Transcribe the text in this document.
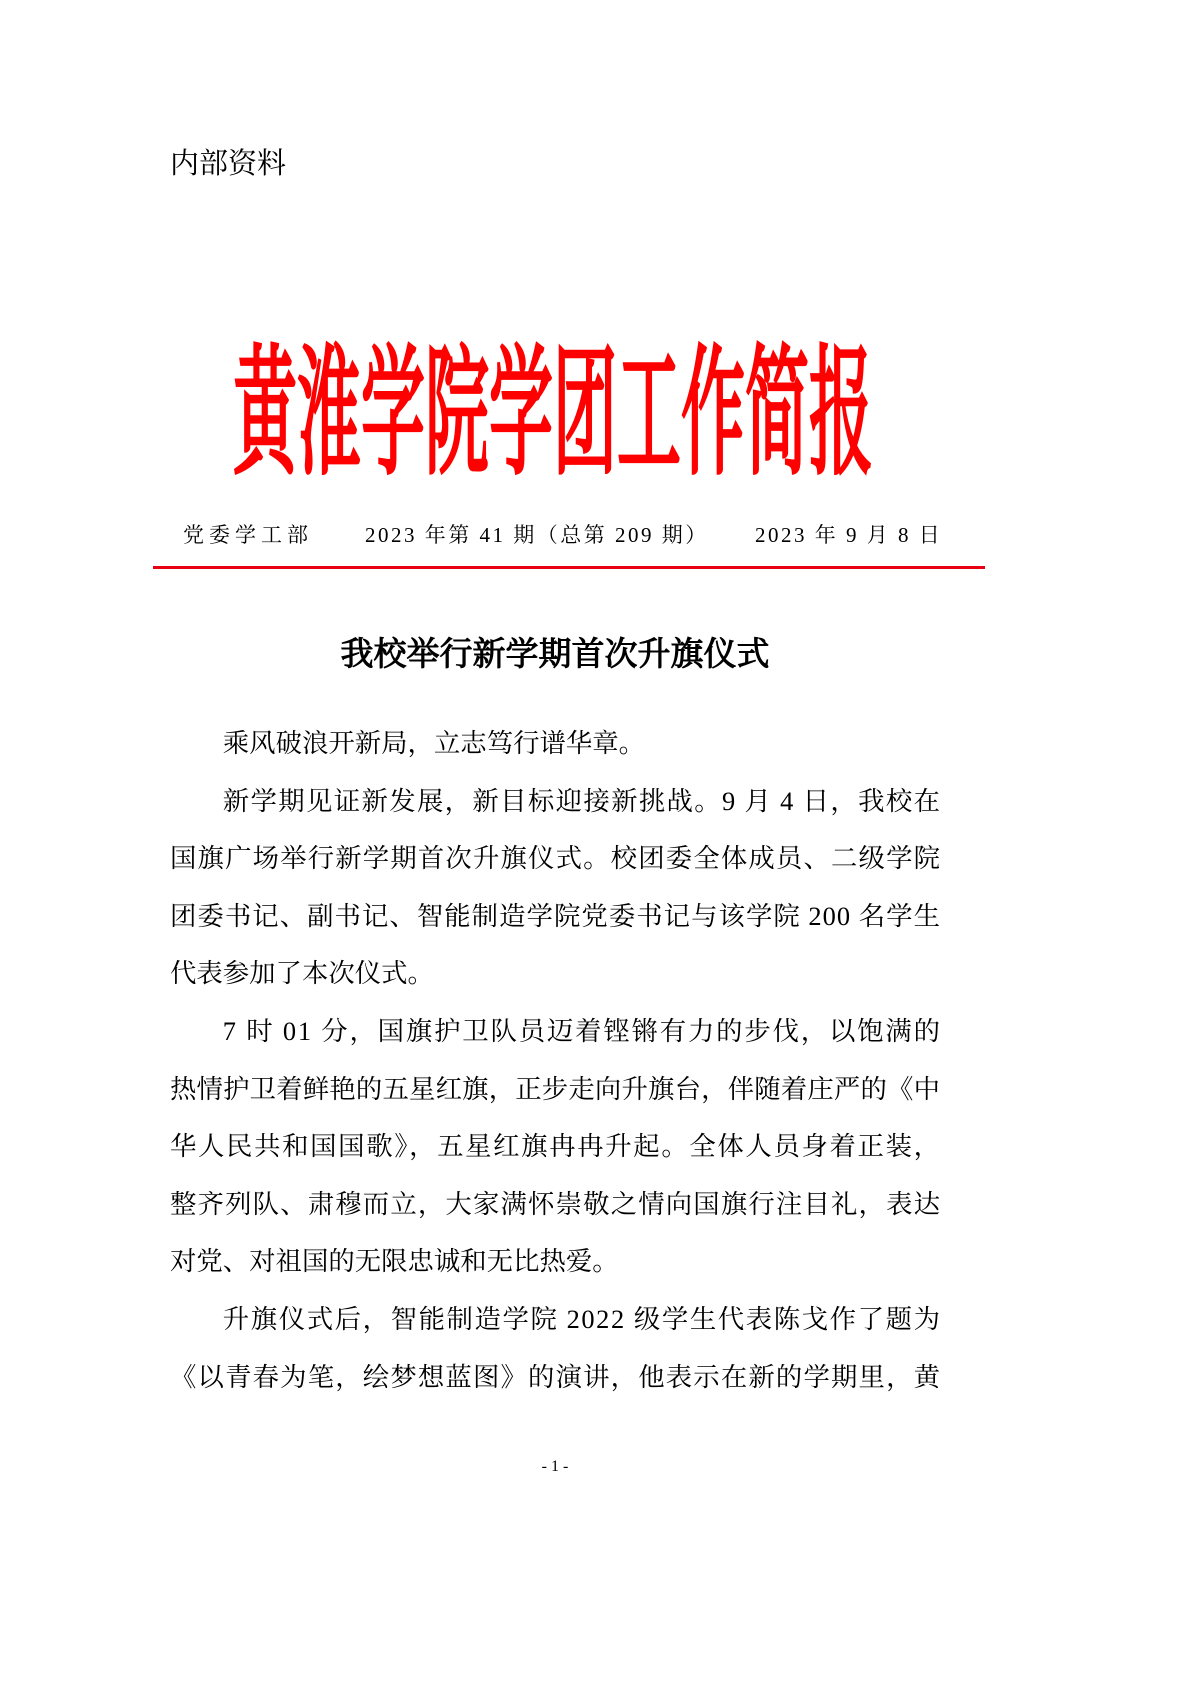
内部资料
黄淮学院学团工作简报
党委学工部 2023 年第 41 期（总第 209 期） 2023 年 9 月 8 日
我校举行新学期首次升旗仪式
乘风破浪开新局，立志笃行谱华章。
新学期见证新发展，新目标迎接新挑战。9 月 4 日，我校在
国旗广场举行新学期首次升旗仪式。校团委全体成员、二级学院
团委书记、副书记、智能制造学院党委书记与该学院 200 名学生
代表参加了本次仪式。
7 时 01 分，国旗护卫队员迈着铿锵有力的步伐，以饱满的
热情护卫着鲜艳的五星红旗，正步走向升旗台，伴随着庄严的《中
华人民共和国国歌》，五星红旗冉冉升起。全体人员身着正装，
整齐列队、肃穆而立，大家满怀崇敬之情向国旗行注目礼，表达
对党、对祖国的无限忠诚和无比热爱。
升旗仪式后，智能制造学院 2022 级学生代表陈戈作了题为
《以青春为笔，绘梦想蓝图》的演讲，他表示在新的学期里，黄
- 1 -
